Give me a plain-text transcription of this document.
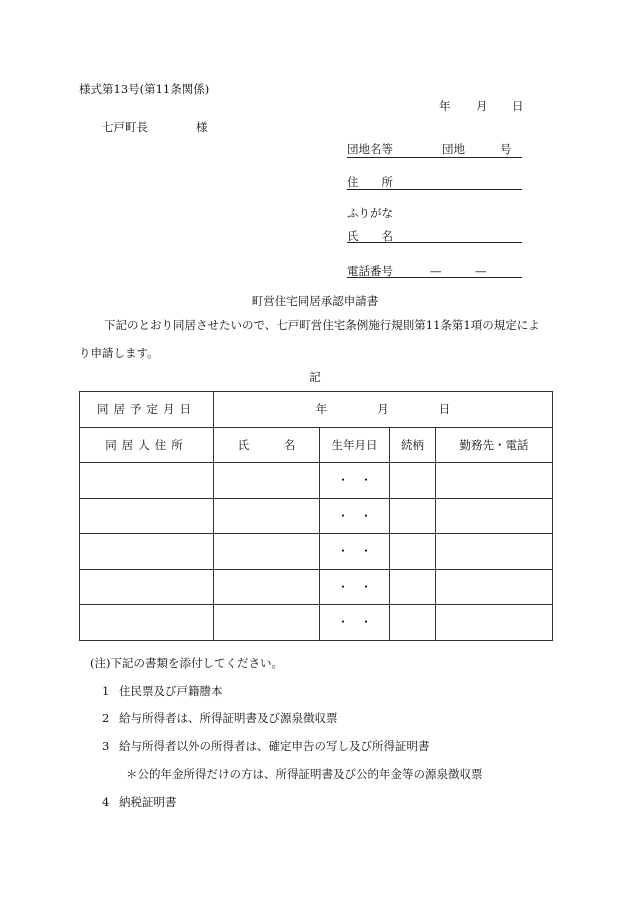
様式第13号(第11条関係)
年 月 日
七戸町長	様
団地名等	団地	号
住　　所
ふりがな
氏　　名
電話番号	—	—
町営住宅同居承認申請書
下記のとおり同居させたいので、七戸町営住宅条例施行規則第11条第1項の規定によ
り申請します。
記
同居予定月日	年 月 日			
同居人住所	氏　　　名	生年月日	続柄	勤務先・電話
		・　・		
		・　・		
		・　・		
		・　・		
		・　・		
(注)下記の書類を添付してください。
1 住民票及び戸籍謄本
2 給与所得者は、所得証明書及び源泉徴収票
3 給与所得者以外の所得者は、確定申告の写し及び所得証明書
＊公的年金所得だけの方は、所得証明書及び公的年金等の源泉徴収票
4 納税証明書
